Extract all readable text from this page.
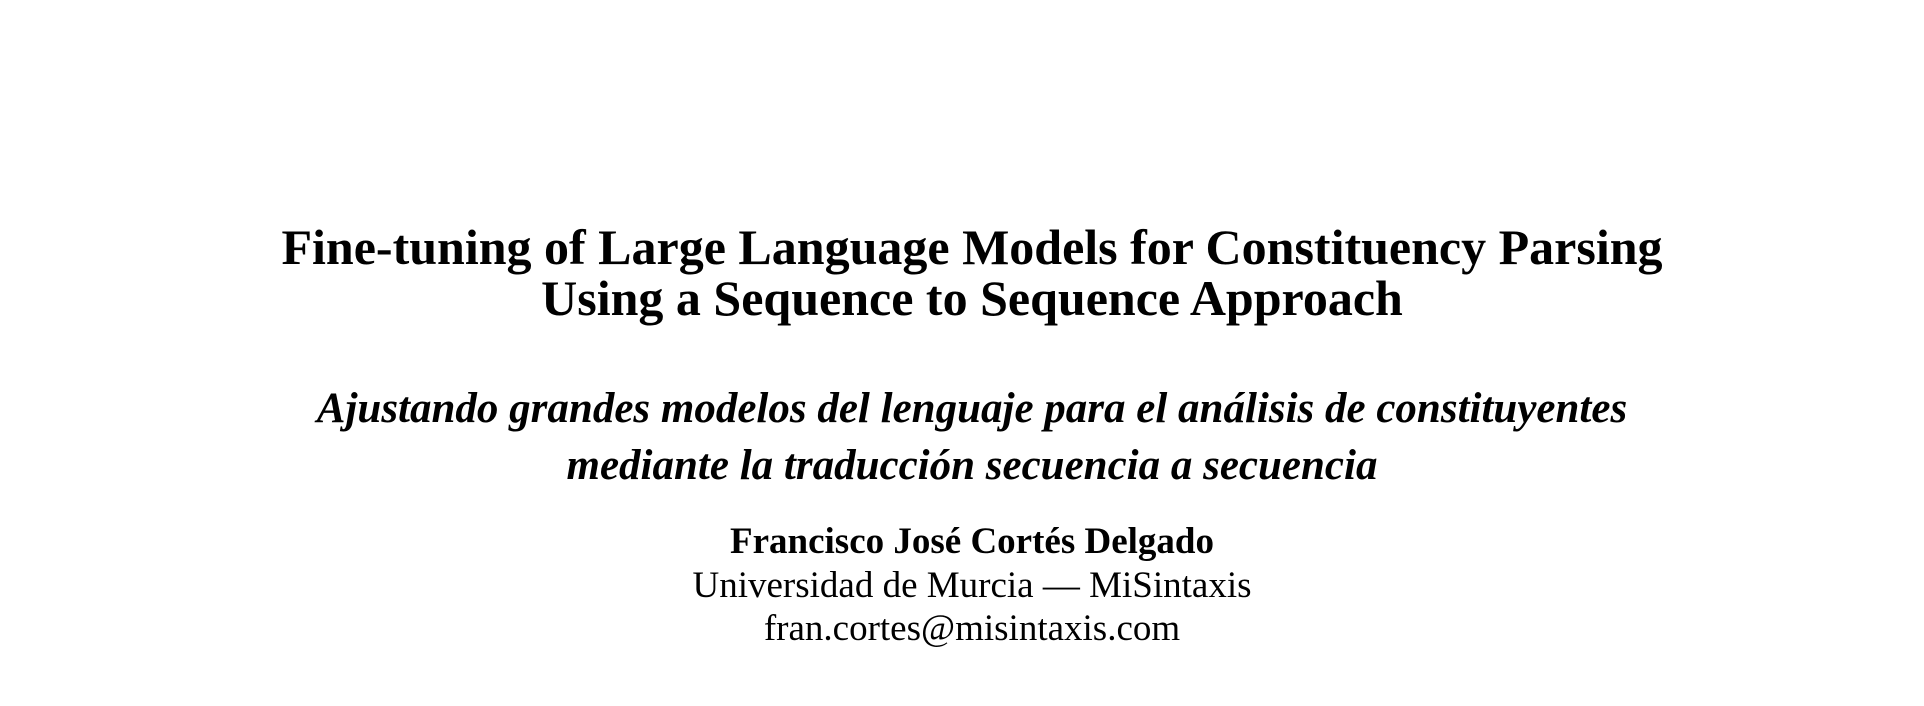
Fine-tuning of Large Language Models for Constituency Parsing
Using a Sequence to Sequence Approach
Ajustando grandes modelos del lenguaje para el análisis de constituyentes
mediante la traducción secuencia a secuencia
Francisco José Cortés Delgado
Universidad de Murcia — MiSintaxis
fran.cortes@misintaxis.com
